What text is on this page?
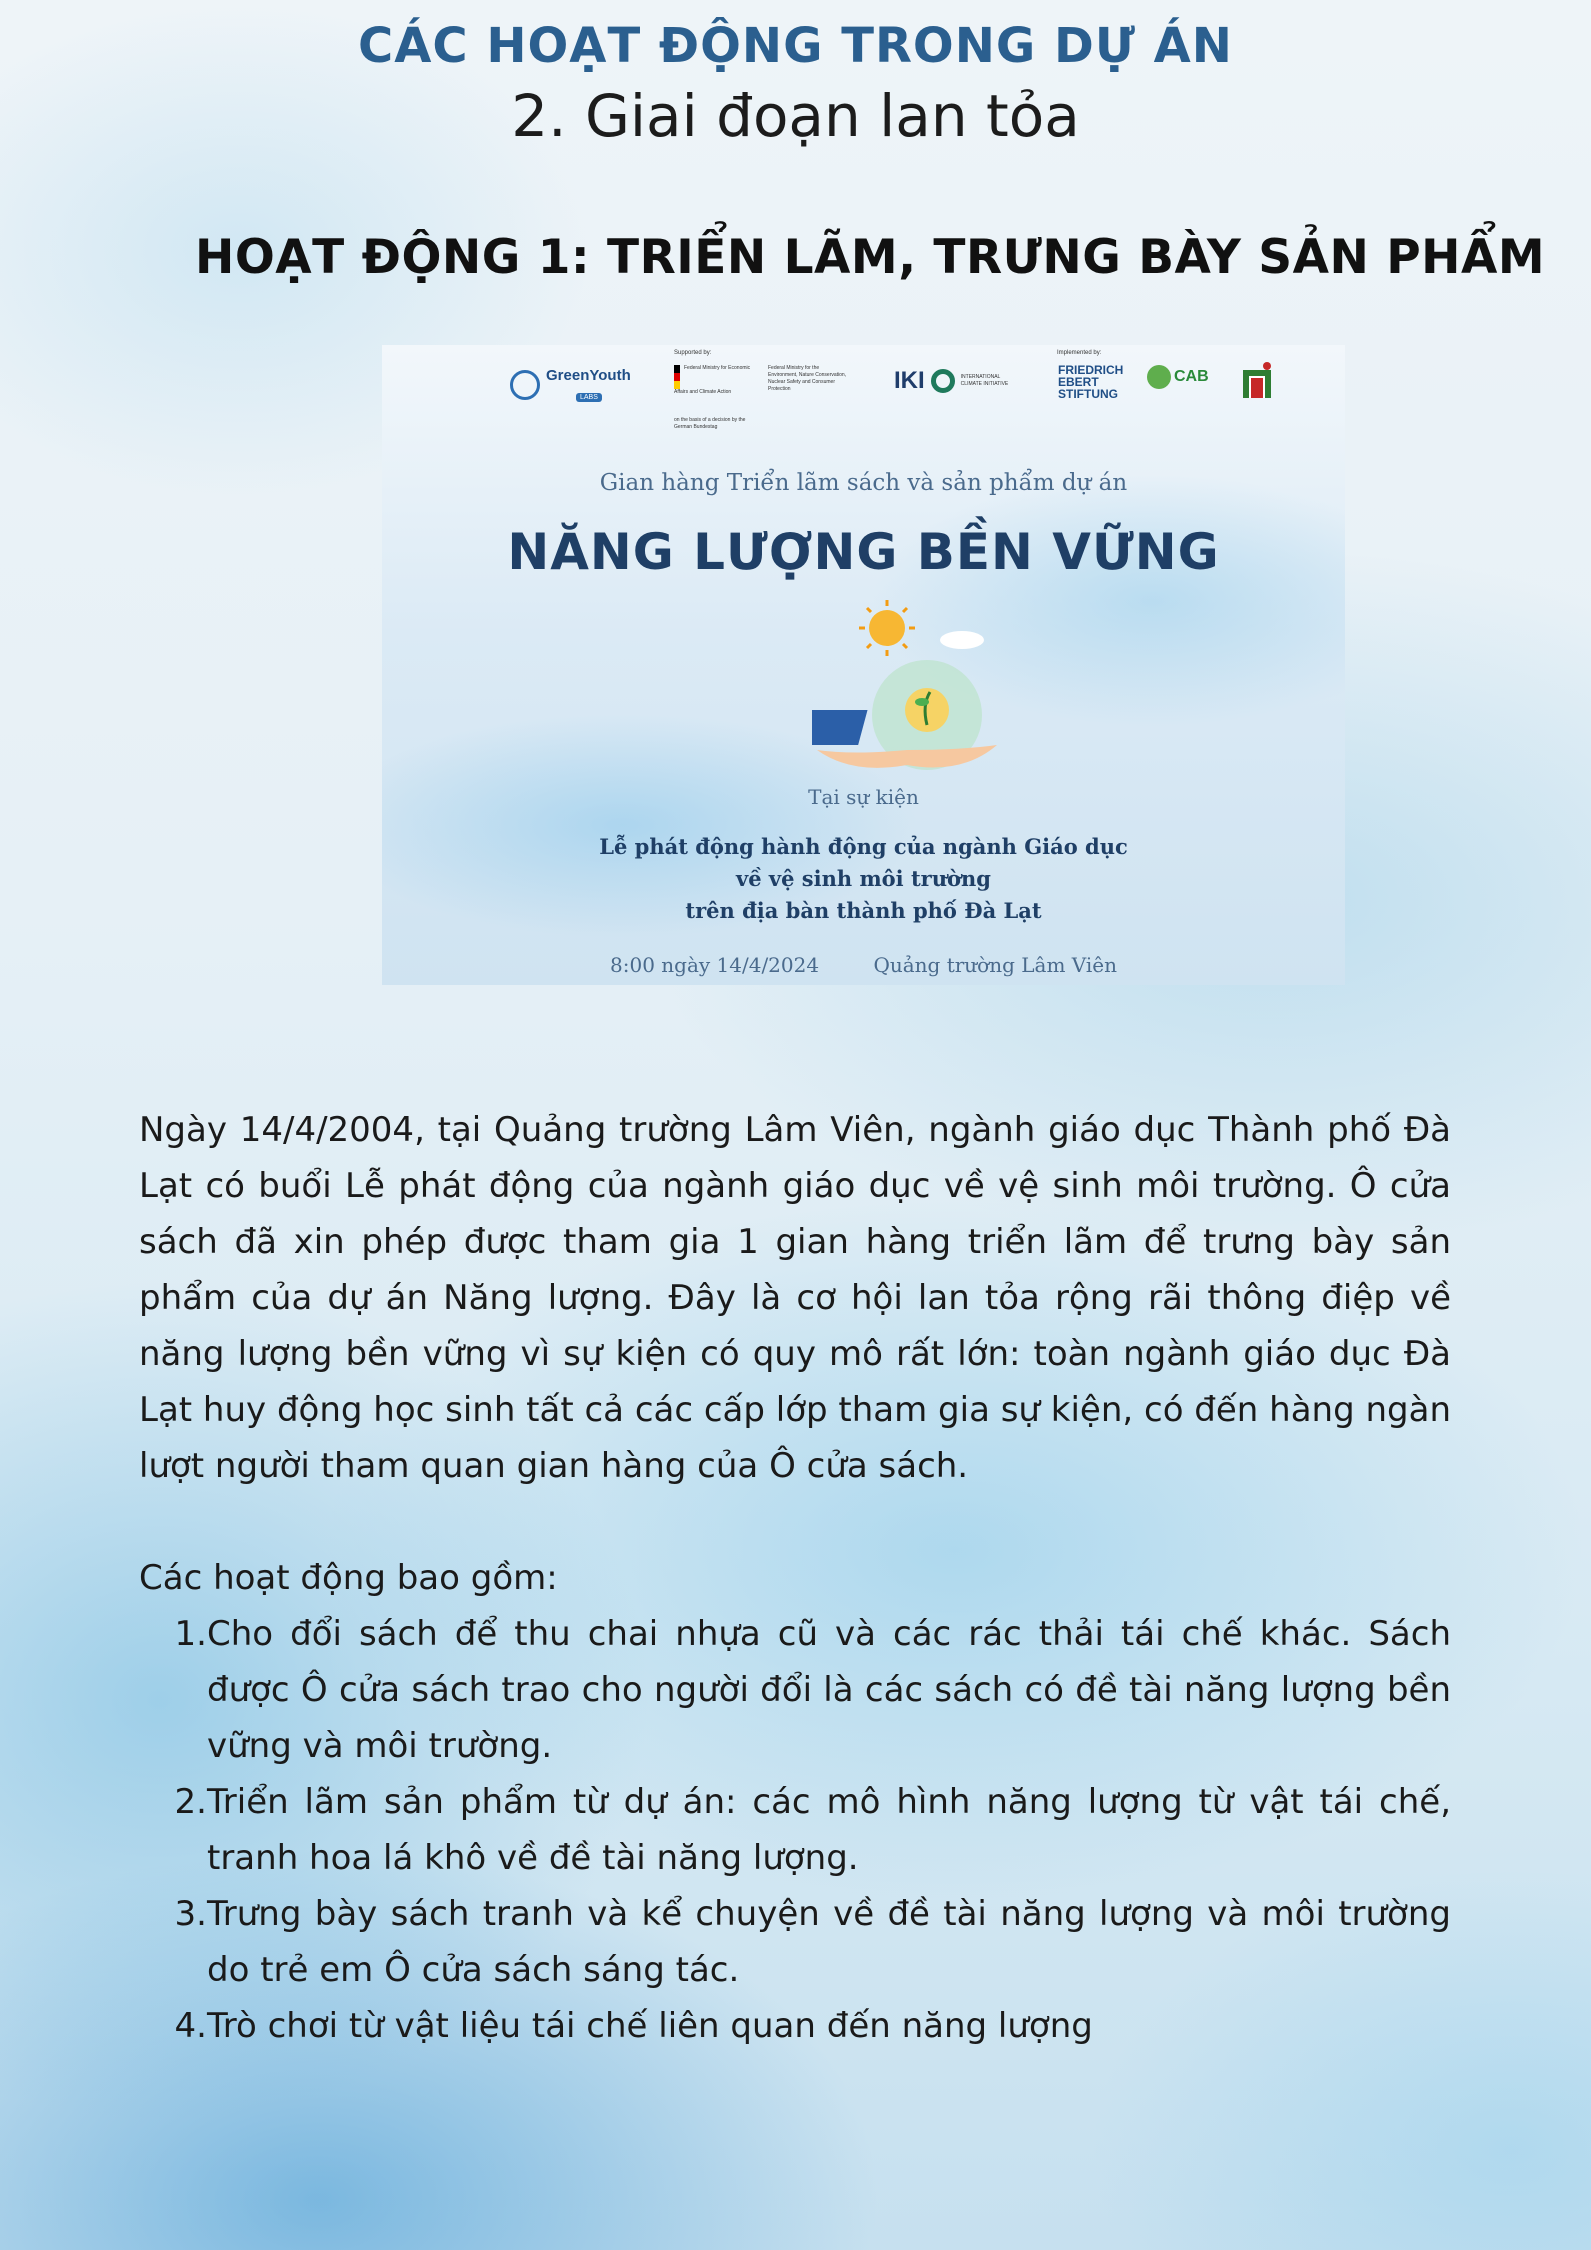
CÁC HOẠT ĐỘNG TRONG DỰ ÁN
2. Giai đoạn lan tỏa
HOẠT ĐỘNG 1: TRIỂN LÃM, TRƯNG BÀY SẢN PHẨM
GreenYouth
LABS
Supported by:
Federal Ministry for Economic Affairs and Climate Action
Federal Ministry for the Environment, Nature Conservation, Nuclear Safety and Consumer Protection
on the basis of a decision by the German Bundestag
IKI	INTERNATIONAL CLIMATE INITIATIVE
Implemented by:
FRIEDRICH EBERT STIFTUNG
CAB
Gian hàng Triển lãm sách và sản phẩm dự án
NĂNG LƯỢNG BỀN VỮNG
Tại sự kiện
Lễ phát động hành động của ngành Giáo dục
về vệ sinh môi trường
trên địa bàn thành phố Đà Lạt
8:00 ngày 14/4/2024	Quảng trường Lâm Viên

Ngày 14/4/2004, tại Quảng trường Lâm Viên, ngành giáo dục Thành phố Đà Lạt có buổi Lễ phát động của ngành giáo dục về vệ sinh môi trường. Ô cửa sách đã xin phép được tham gia 1 gian hàng triển lãm để trưng bày sản phẩm của dự án Năng lượng. Đây là cơ hội lan tỏa rộng rãi thông điệp về năng lượng bền vững vì sự kiện có quy mô rất lớn: toàn ngành giáo dục Đà Lạt huy động học sinh tất cả các cấp lớp tham gia sự kiện, có đến hàng ngàn lượt người tham quan gian hàng của Ô cửa sách.

Các hoạt động bao gồm:
1. Cho đổi sách để thu chai nhựa cũ và các rác thải tái chế khác. Sách được Ô cửa sách trao cho người đổi là các sách có đề tài năng lượng bền vững và môi trường.
2. Triển lãm sản phẩm từ dự án: các mô hình năng lượng từ vật tái chế, tranh hoa lá khô về đề tài năng lượng.
3. Trưng bày sách tranh và kể chuyện về đề tài năng lượng và môi trường do trẻ em Ô cửa sách sáng tác.
4. Trò chơi từ vật liệu tái chế liên quan đến năng lượng
